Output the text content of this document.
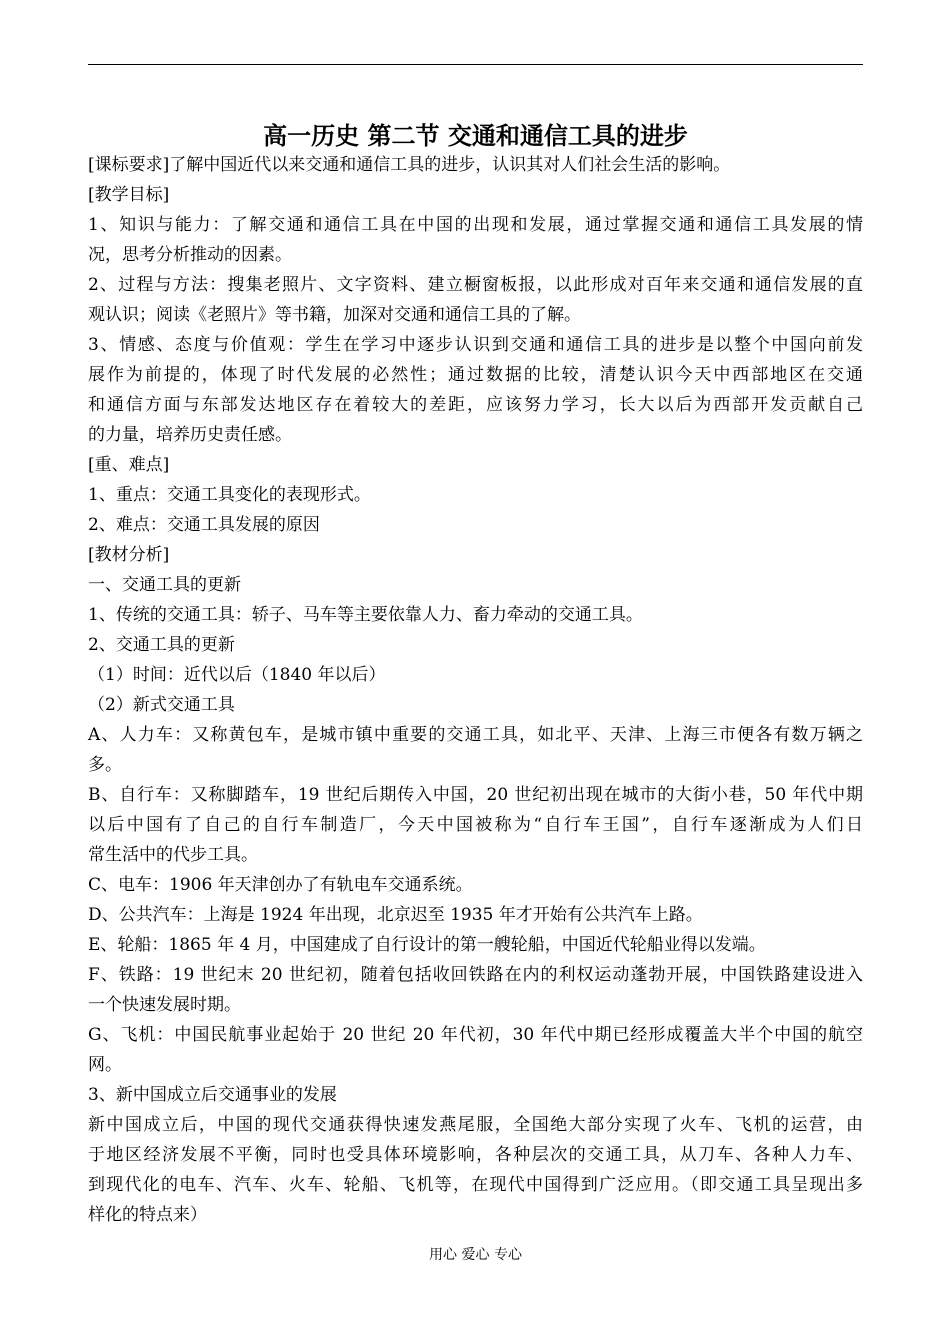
高一历史 第二节 交通和通信工具的进步
[课标要求]了解中国近代以来交通和通信工具的进步，认识其对人们社会生活的影响。
[教学目标]
1、知识与能力：了解交通和通信工具在中国的出现和发展，通过掌握交通和通信工具发展的情
况，思考分析推动的因素。
2、过程与方法：搜集老照片、文字资料、建立橱窗板报，以此形成对百年来交通和通信发展的直
观认识；阅读《老照片》等书籍，加深对交通和通信工具的了解。
3、情感、态度与价值观：学生在学习中逐步认识到交通和通信工具的进步是以整个中国向前发
展作为前提的，体现了时代发展的必然性；通过数据的比较，清楚认识今天中西部地区在交通
和通信方面与东部发达地区存在着较大的差距，应该努力学习，长大以后为西部开发贡献自己
的力量，培养历史责任感。
[重、难点]
1、重点：交通工具变化的表现形式。
2、难点：交通工具发展的原因
[教材分析]
一、交通工具的更新
1、传统的交通工具：轿子、马车等主要依靠人力、畜力牵动的交通工具。
2、交通工具的更新
（1）时间：近代以后（1840 年以后）
（2）新式交通工具
A、人力车：又称黄包车，是城市镇中重要的交通工具，如北平、天津、上海三市便各有数万辆之
多。
B、自行车：又称脚踏车，19 世纪后期传入中国，20 世纪初出现在城市的大街小巷，50 年代中期
以后中国有了自己的自行车制造厂，今天中国被称为“自行车王国”，自行车逐渐成为人们日
常生活中的代步工具。
C、电车：1906 年天津创办了有轨电车交通系统。
D、公共汽车：上海是 1924 年出现，北京迟至 1935 年才开始有公共汽车上路。
E、轮船：1865 年 4 月，中国建成了自行设计的第一艘轮船，中国近代轮船业得以发端。
F、铁路：19 世纪末 20 世纪初，随着包括收回铁路在内的利权运动蓬勃开展，中国铁路建设进入
一个快速发展时期。
G、飞机：中国民航事业起始于 20 世纪 20 年代初，30 年代中期已经形成覆盖大半个中国的航空
网。
3、新中国成立后交通事业的发展
新中国成立后，中国的现代交通获得快速发燕尾服，全国绝大部分实现了火车、飞机的运营，由
于地区经济发展不平衡，同时也受具体环境影响，各种层次的交通工具，从刀车、各种人力车、
到现代化的电车、汽车、火车、轮船、飞机等，在现代中国得到广泛应用。（即交通工具呈现出多
样化的特点来）
用心 爱心 专心
